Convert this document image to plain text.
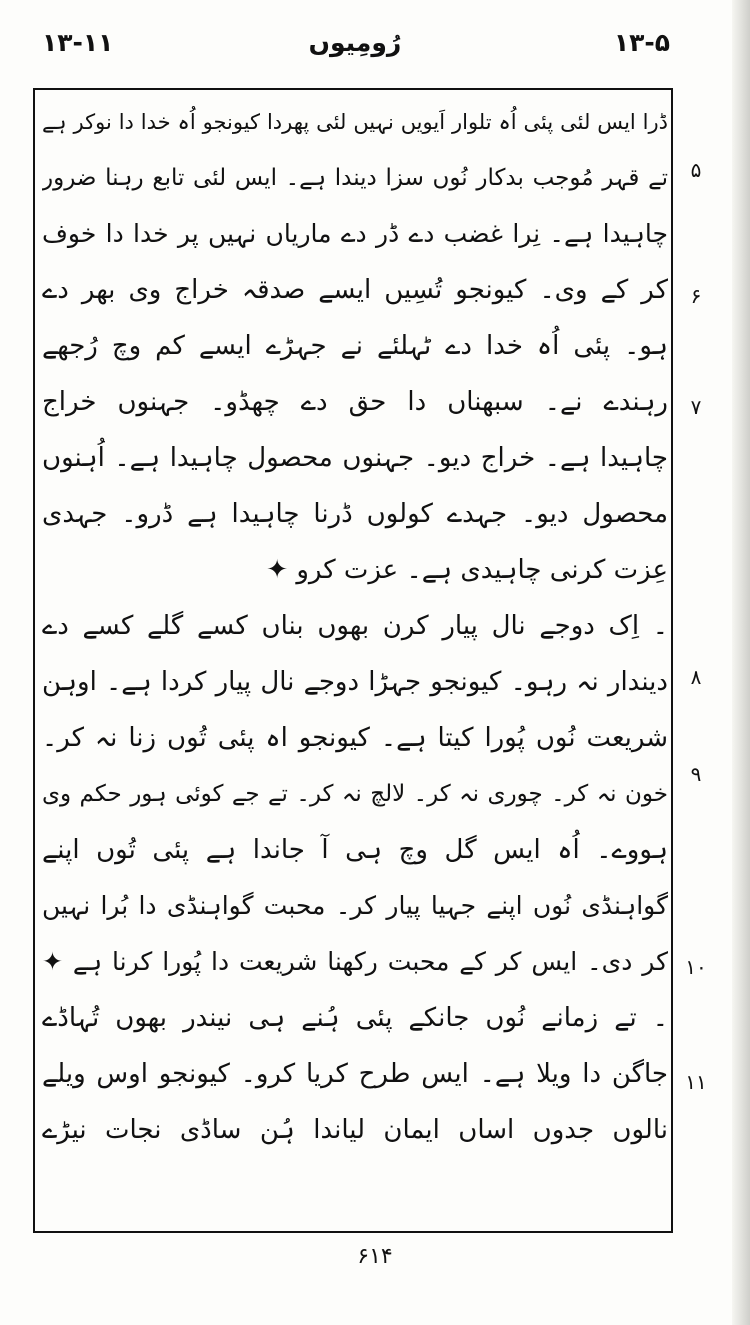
۱۳-۱۱	رُومِیوں	۱۳-۵
ڈرا ایس لئی پئی اُہ تلوار اَیویں نہیں لئی پھردا کیونجو اُہ خدا دا نوکر ہے
تے قہر مُوجب بدکار نُوں سزا دیندا ہے۔ ایس لئی تابع رہنا ضرور
چاہیدا ہے۔ نِرا غضب دے ڈر دے ماریاں نہیں پر خدا دا خوف
کر کے وی۔ کیونجو تُسِیں ایسے صدقہ خراج وی بھر دے
ہو۔ پئی اُہ خدا دے ٹہلئے نے جہڑے ایسے کم وچ رُجھے
رہندے نے۔ سبھناں دا حق دے چھڈو۔ جہنوں خراج
چاہیدا ہے۔ خراج دیو۔ جہنوں محصول چاہیدا ہے۔ اُہنوں
محصول دیو۔ جہدے کولوں ڈرنا چاہیدا ہے ڈرو۔ جہدی
عِزت کرنی چاہیدی ہے۔ عزت کرو ✦
۔ اِک دوجے نال پیار کرن بھوں بناں کسے گلے کسے دے
دیندار نہ رہو۔ کیونجو جہڑا دوجے نال پیار کردا ہے۔ اوہن
شریعت نُوں پُورا کیتا ہے۔ کیونجو اہ پئی تُوں زنا نہ کر۔
خون نہ کر۔ چوری نہ کر۔ لالچ نہ کر۔ تے جے کوئی ہور حکم وی
ہووے۔ اُہ ایس گل وچ ہی آ جاندا ہے پئی تُوں اپنے
گواہنڈی نُوں اپنے جہیا پیار کر۔ محبت گواہنڈی دا بُرا نہیں
کر دی۔ ایس کر کے محبت رکھنا شریعت دا پُورا کرنا ہے ✦
۔ تے زمانے نُوں جانکے پئی ہُنے ہی نیندر بھوں تُہاڈے
جاگن دا ویلا ہے۔ ایس طرح کریا کرو۔ کیونجو اوس ویلے
نالوں جدوں اساں ایمان لیاندا ہُن ساڈی نجات نیڑے
۵
۶
۷
۸
۹
۱۰
۱۱
۶۱۴
